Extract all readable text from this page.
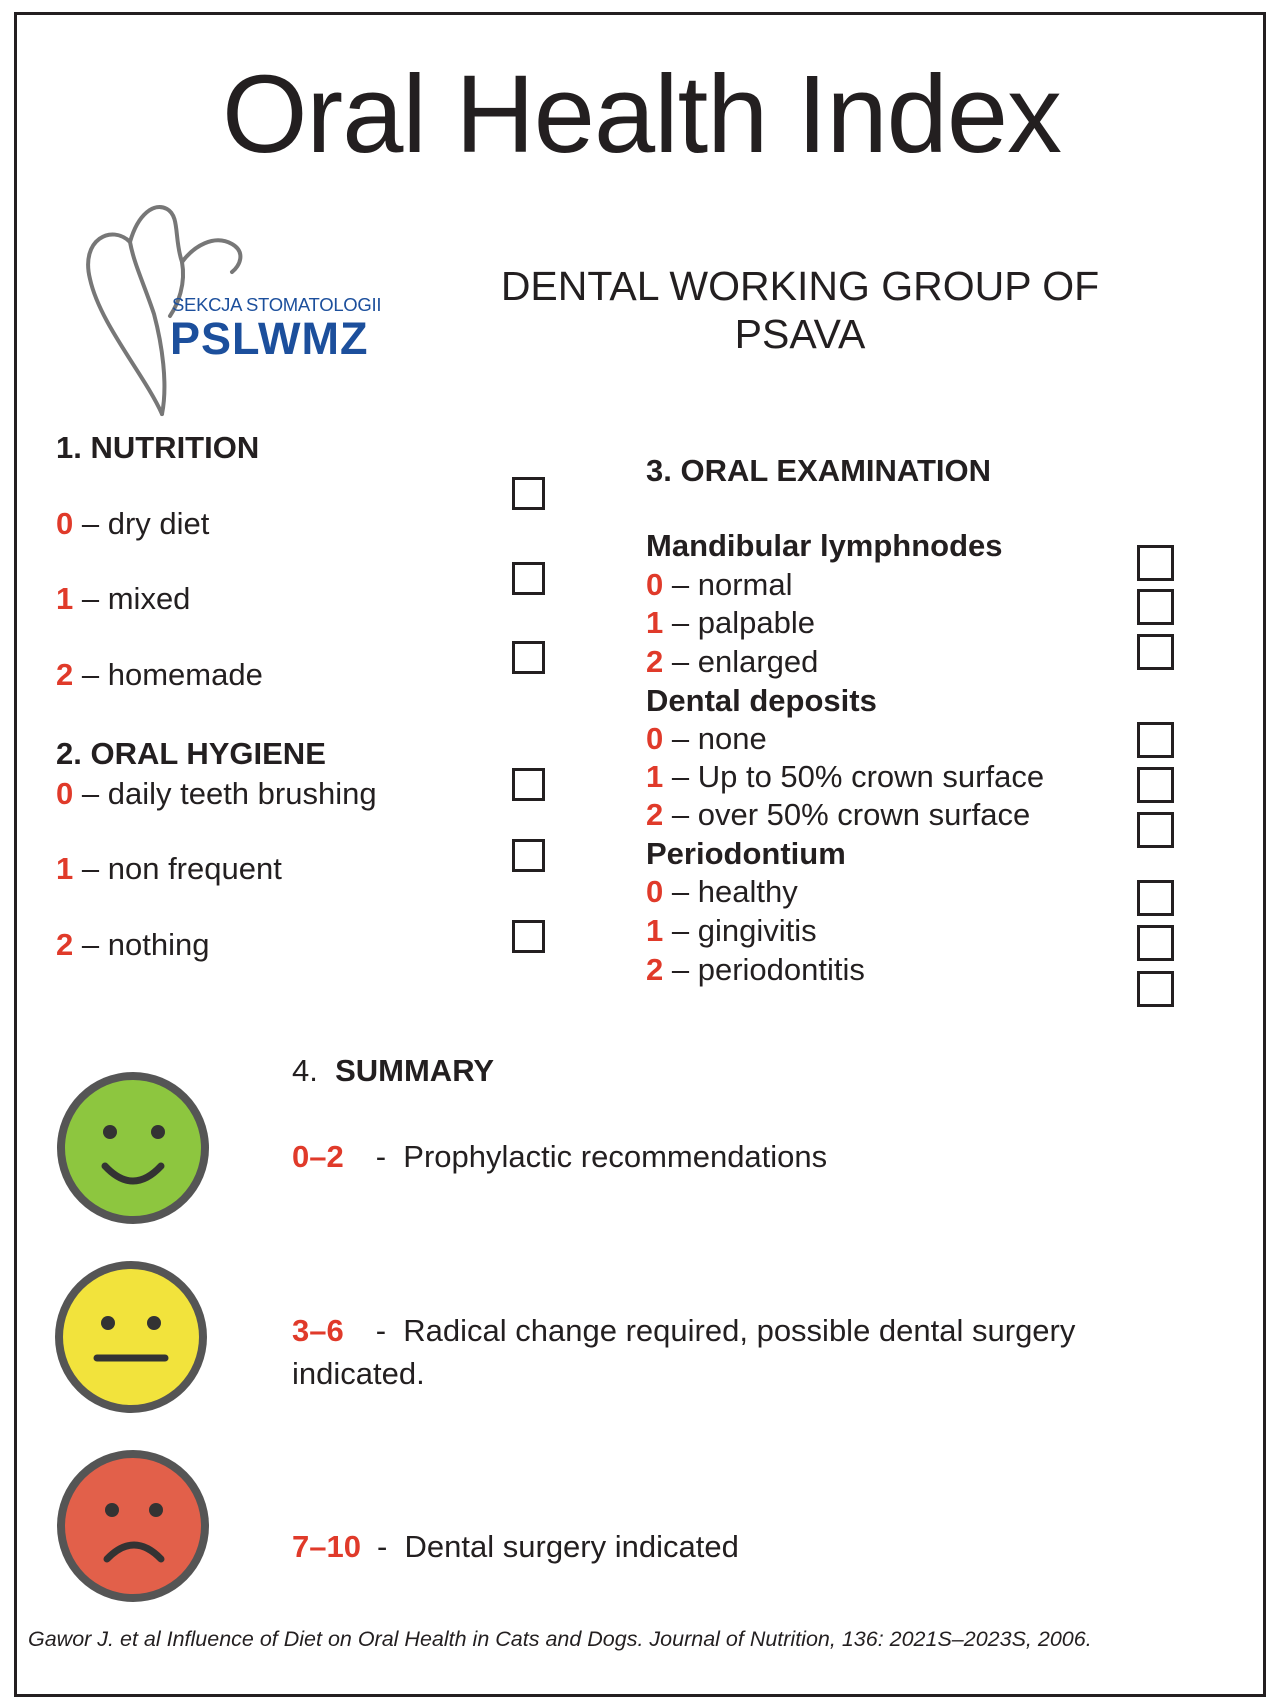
Oral Health Index
SEKCJA STOMATOLOGII
PSLWMZ
DENTAL WORKING GROUP OF
PSAVA
1. NUTRITION
0 – dry diet
1 – mixed
2 – homemade
2. ORAL HYGIENE
0 – daily teeth brushing
1 – non frequent
2 – nothing
3. ORAL EXAMINATION
Mandibular lymphnodes
0 – normal
1 – palpable
2 – enlarged
Dental deposits
0 – none
1 – Up to 50% crown surface
2 – over 50% crown surface
Periodontium
0 – healthy
1 – gingivitis
2 – periodontitis
4. SUMMARY
0–2 - Prophylactic recommendations
3–6 - Radical change required, possible dental surgery
indicated.
7–10 - Dental surgery indicated
Gawor J. et al Influence of Diet on Oral Health in Cats and Dogs. Journal of Nutrition, 136: 2021S–2023S, 2006.
